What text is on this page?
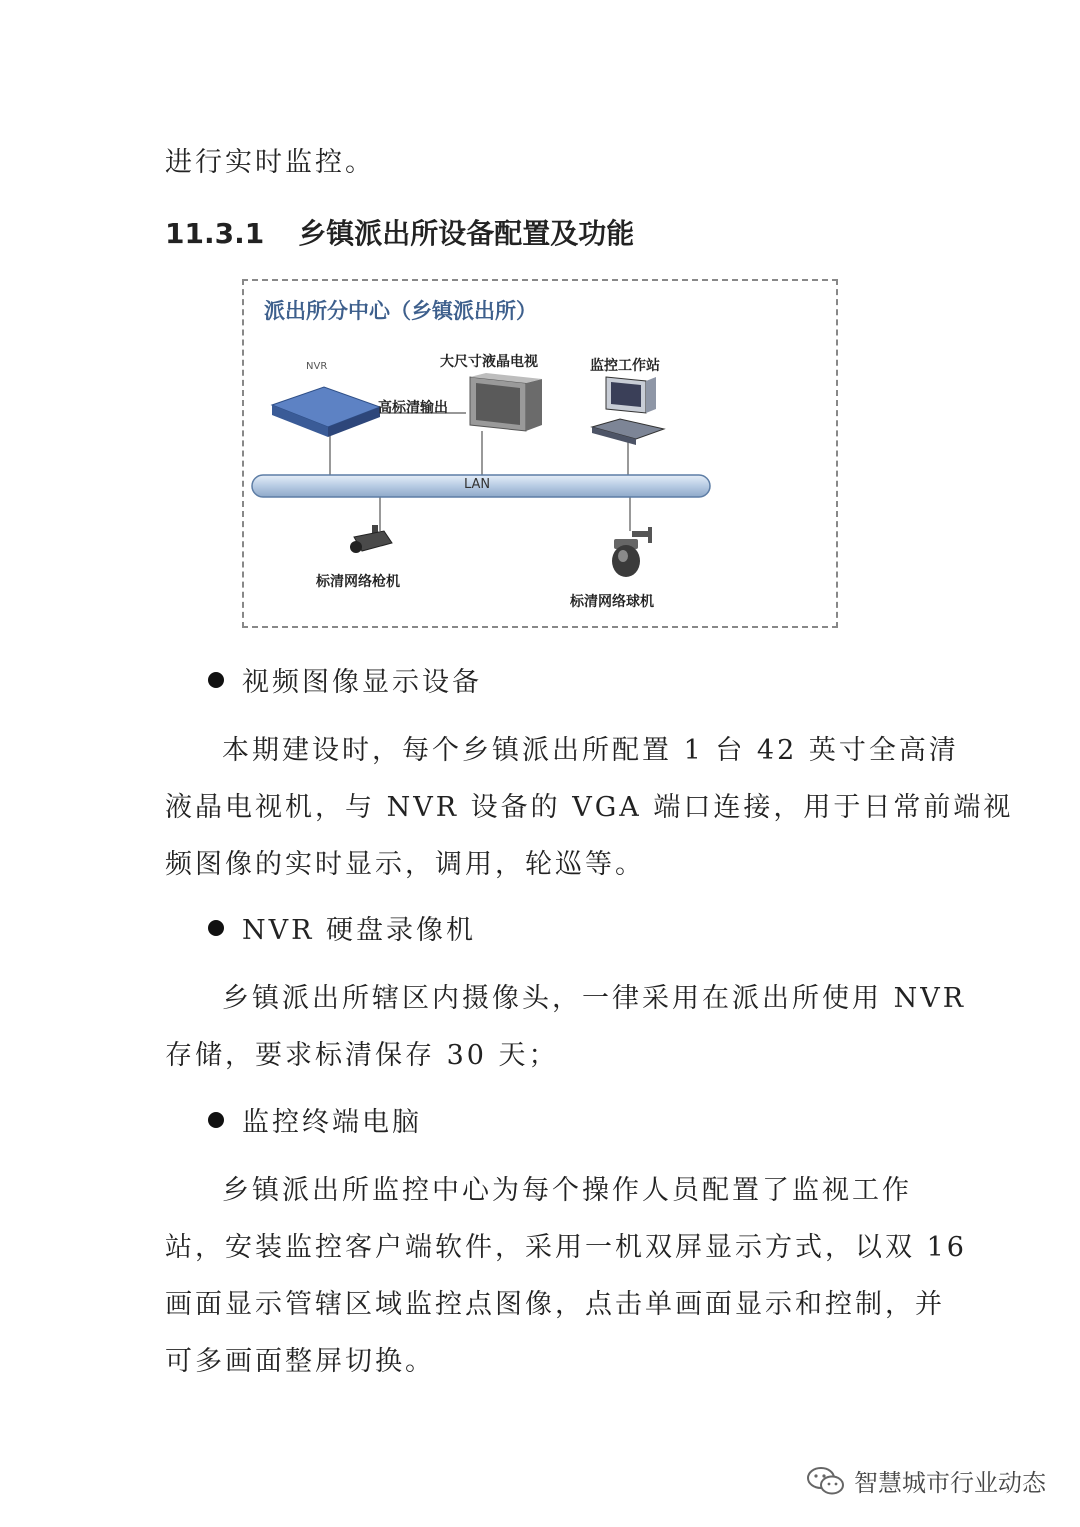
进行实时监控。
11.3.1 乡镇派出所设备配置及功能
派出所分中心（乡镇派出所）
NVR
高标清输出
大尺寸液晶电视	监控工作站
LAN
标清网络枪机
标清网络球机
视频图像显示设备
本期建设时，每个乡镇派出所配置 1 台 42 英寸全高清
液晶电视机，与 NVR 设备的 VGA 端口连接，用于日常前端视
频图像的实时显示，调用，轮巡等。
NVR 硬盘录像机
乡镇派出所辖区内摄像头，一律采用在派出所使用 NVR
存储，要求标清保存 30 天；
监控终端电脑
乡镇派出所监控中心为每个操作人员配置了监视工作
站，安装监控客户端软件，采用一机双屏显示方式，以双 16
画面显示管辖区域监控点图像，点击单画面显示和控制，并
可多画面整屏切换。
智慧城市行业动态
